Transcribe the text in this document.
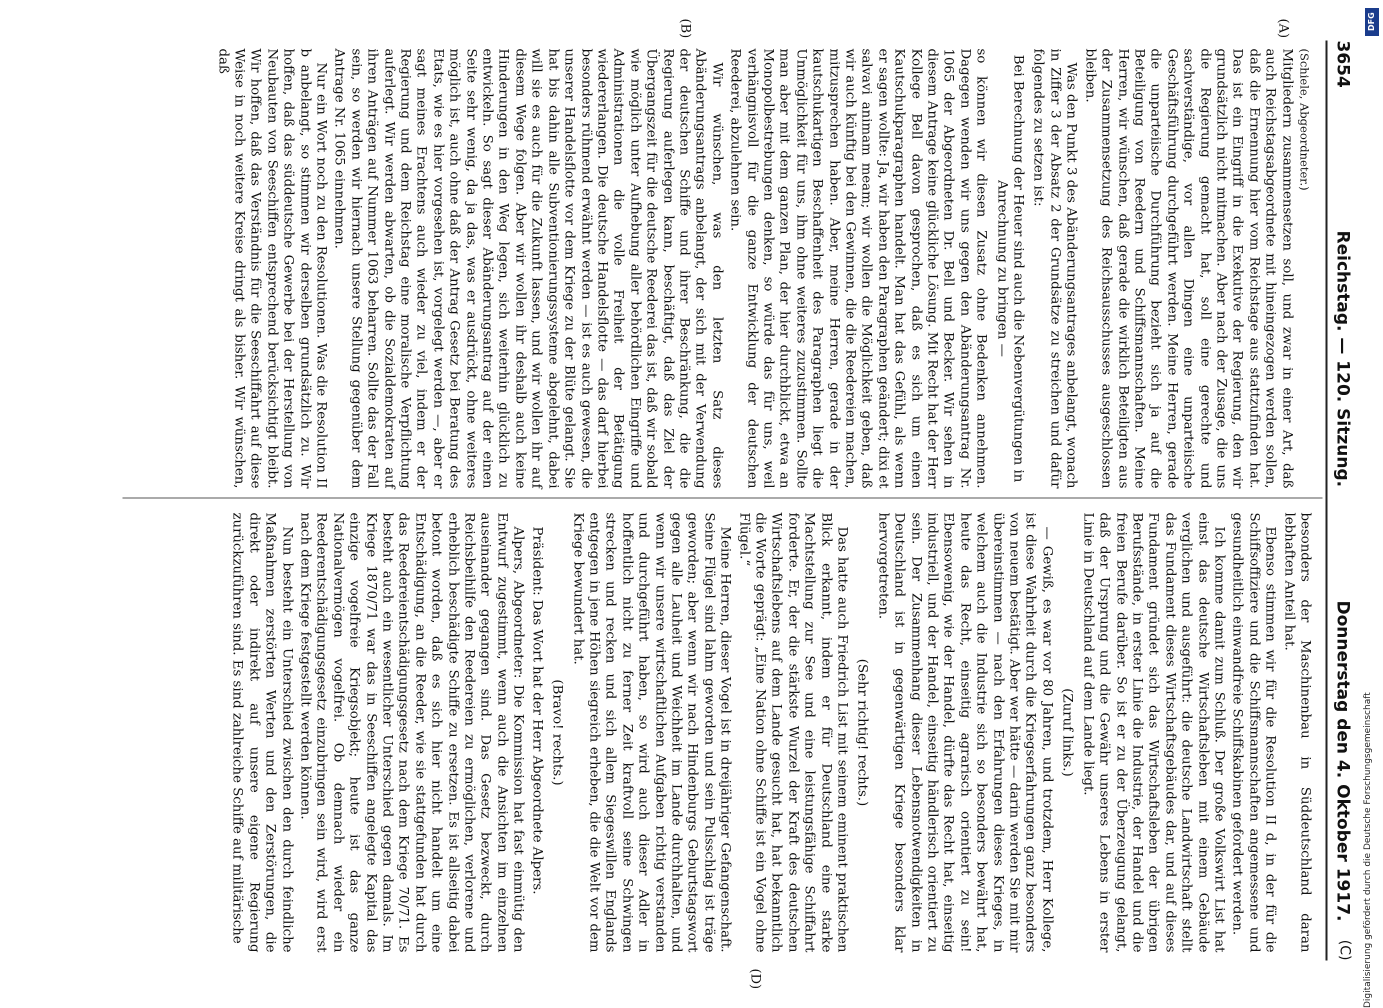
3654
Reichstag. — 120. Sitzung.
Donnerstag den 4. Oktober 1917.
(C)
(A)
(B)
(D)

(Schiele, Abgeordneter.)

Mitgliedern zusammensetzen soll, und zwar in einer Art, daß auch Reichstagsabgeordnete mit hineingezogen werden sollen, daß die Ernennung hier vom Reichstage aus stattzufinden hat. Das ist ein Eingriff in die Exekutive der Regierung, den wir grundsätzlich nicht mitmachen. Aber nach der Zusage, die uns die Regierung gemacht hat, soll eine gerechte und sachverständige, vor allen Dingen eine unparteiische Geschäftsführung durchgeführt werden. Meine Herren, gerade die unparteiische Durchführung bezieht sich ja auf die Beteiligung von Reedern und Schiffsmannschaften. Meine Herren, wir wünschen, daß gerade die wirklich Beteiligten aus der Zusammensetzung des Reichsausschusses ausgeschlossen bleiben.

Was den Punkt 3 des Abänderungsantrages anbelangt, wonach in Ziffer 3 der Absatz 2 der Grundsätze zu streichen und dafür folgendes zu setzen ist:

Bei Berechnung der Heuer sind auch die Nebenvergütungen in Anrechnung zu bringen —

so können wir diesen Zusatz ohne Bedenken annehmen. Dagegen wenden wir uns gegen den Abänderungsantrag Nr. 1065 der Abgeordneten Dr. Bell und Becker. Wir sehen in diesem Antrage keine glückliche Lösung. Mit Recht hat der Herr Kollege Bell davon gesprochen, daß es sich um einen Kautschukparagraphen handelt. Man hat das Gefühl, als wenn er sagen wollte: Ja, wir haben den Paragraphen geändert; dixi et salvavi animam meam; wir wollen die Möglichkeit geben, daß wir auch künftig bei den Gewinnen, die die Reedereien machen, mitzusprechen haben. Aber, meine Herren, gerade in der kautschukartigen Beschaffenheit des Paragraphen liegt die Unmöglichkeit für uns, ihm ohne weiteres zuzustimmen. Sollte man aber mit dem ganzen Plan, der hier durchblickt, etwa an Monopolbestrebungen denken, so würde das für uns, weil verhängnisvoll für die ganze Entwicklung der deutschen Reederei, abzulehnen sein.

Wir wünschen, was den letzten Satz dieses Abänderungsantrags anbelangt, der sich mit der Verwendung der deutschen Schiffe und ihrer Beschränkung, die die Regierung auferlegen kann, beschäftigt, daß das Ziel der Übergangszeit für die deutsche Reederei das ist, daß wir sobald wie möglich unter Aufhebung aller behördlichen Eingriffe und Administrationen die volle Freiheit der Betätigung wiedererlangen. Die deutsche Handelsflotte — das darf hierbei besonders rühmend erwähnt werden — ist es auch gewesen, die unserer Handelsflotte vor dem Kriege zu der Blüte gelangt. Sie hat bis dahin alle Subventionierungssysteme abgelehnt, dabei will sie es auch für die Zukunft lassen, und wir wollen ihr auf diesem Wege folgen. Aber wir wollen ihr deshalb auch keine Hinderungen in den Weg legen, sich weiterhin glücklich zu entwickeln. So sagt dieser Abänderungsantrag auf der einen Seite sehr wenig, da ja das, was er ausdrückt, ohne weiteres möglich ist, auch ohne daß der Antrag Gesetz bei Beratung des Etats, wie es hier vorgesehen ist, vorgelegt werden —, aber er sagt meines Erachtens auch wieder zu viel, indem er der Regierung und dem Reichstag eine moralische Verpflichtung auferlegt. Wir werden abwarten, ob die Sozialdemokraten auf ihren Anträgen auf Nummer 1063 beharren. Sollte das der Fall sein, so werden wir hiernach unsere Stellung gegenüber dem Antrage Nr. 1065 einnehmen.

Nur ein Wort noch zu den Resolutionen. Was die Resolution II b anbelangt, so stimmen wir derselben grundsätzlich zu. Wir hoffen, daß das süddeutsche Gewerbe bei der Herstellung von Neubauten von Seeschiffen entsprechend berücksichtigt bleibt. Wir hoffen, daß das Verständnis für die Seeschiffahrt auf diese Weise in noch weitere Kreise dringt als bisher. Wir wünschen, daß

besonders der Maschinenbau in Süddeutschland daran lebhaften Anteil hat.

Ebenso stimmen wir für die Resolution II d, in der für die Schiffsoffiziere und die Schiffsmannschaften angemessene und gesundheitlich einwandfreie Schiffskabinen gefordert werden.

Ich komme damit zum Schluß. Der große Volkswirt List hat einst das deutsche Wirtschaftsleben mit einem Gebäude verglichen und ausgeführt: die deutsche Landwirtschaft stellt das Fundament dieses Wirtschaftsgebäudes dar, und auf dieses Fundament gründet sich das Wirtschaftsleben der übrigen Berufsstände, in erster Linie die Industrie, der Handel und die freien Berufe darüber. So ist er zu der Überzeugung gelangt, daß der Ursprung und die Gewähr unseres Lebens in erster Linie in Deutschland auf dem Lande liegt.

(Zuruf links.)

— Gewiß, es war vor 80 Jahren, und trotzdem, Herr Kollege, ist diese Wahrheit durch die Kriegserfahrungen ganz besonders von neuem bestätigt. Aber wer hätte — darin werden Sie mit mir übereinstimmen — nach den Erfahrungen dieses Krieges, in welchem auch die Industrie sich so besonders bewährt hat, heute das Recht, einseitig agrarisch orientiert zu sein! Ebensowenig, wie der Handel, dürfte das Recht hat, einseitig industriell, und der Handel, einseitig händlerisch orientiert zu sein. Der Zusammenhang dieser Lebensnotwendigkeiten in Deutschland ist in gegenwärtigen Kriege besonders klar hervorgetreten.

(Sehr richtig! rechts.)

Das hatte auch Friedrich List mit seinem eminent praktischen Blick erkannt, indem er für Deutschland eine starke Machtstellung zur See und eine leistungsfähige Schiffahrt forderte. Er, der die stärkste Wurzel der Kraft des deutschen Wirtschaftslebens auf dem Lande gesucht hat, hat bekanntlich die Worte geprägt: „Eine Nation ohne Schiffe ist ein Vogel ohne Flügel.“

Meine Herren, dieser Vogel ist in dreijähriger Gefangenschaft. Seine Flügel sind lahm geworden und sein Pulsschlag ist träge geworden; aber wenn wir nach Hindenburgs Geburtstagswort gegen alle Lauheit und Weichheit im Lande durchhalten, und wenn wir unsere wirtschaftlichen Aufgaben richtig verstanden und durchgeführt haben, so wird auch dieser Adler in hoffentlich nicht zu ferner Zeit kraftvoll seine Schwingen strecken und recken und sich allem Siegeswillen Englands entgegen in jene Höhen siegreich erheben, die die Welt vor dem Kriege bewundert hat.

(Bravo! rechts.)

Präsident: Das Wort hat der Herr Abgeordnete Alpers.

Alpers, Abgeordneter: Die Kommission hat fast einmütig den Entwurf zugestimmt, wenn auch die Ansichten im einzelnen auseinander gegangen sind. Das Gesetz bezweckt, durch Reichsbeihilfe den Reedereien zu ermöglichen, verlorene und erheblich beschädigte Schiffe zu ersetzen. Es ist allseitig dabei betont worden, daß es sich hier nicht handelt um eine Entschädigung, an die Reeder, wie sie stattgefunden hat durch das Reedereientschädigungsgesetz nach dem Kriege 70/71. Es besteht auch ein wesentlicher Unterschied gegen damals. Im Kriege 1870/71 war das in Seeschiffen angelegte Kapital das einzige vogelfreie Kriegsobjekt; heute ist das ganze Nationalvermögen vogelfrei. Ob demnach wieder ein Reederentschädigungsgesetz einzubringen sein wird, wird erst nach dem Kriege festgestellt werden können.

Nun besteht ein Unterschied zwischen den durch feindliche Maßnahmen zerstörten Werten und den Zerstörungen, die direkt oder indirekt auf unsere eigene Regierung zurückzuführen sind. Es sind zahlreiche Schiffe auf militärische

DFG
Digitalisierung gefördert durch die Deutsche Forschungsgemeinschaft
